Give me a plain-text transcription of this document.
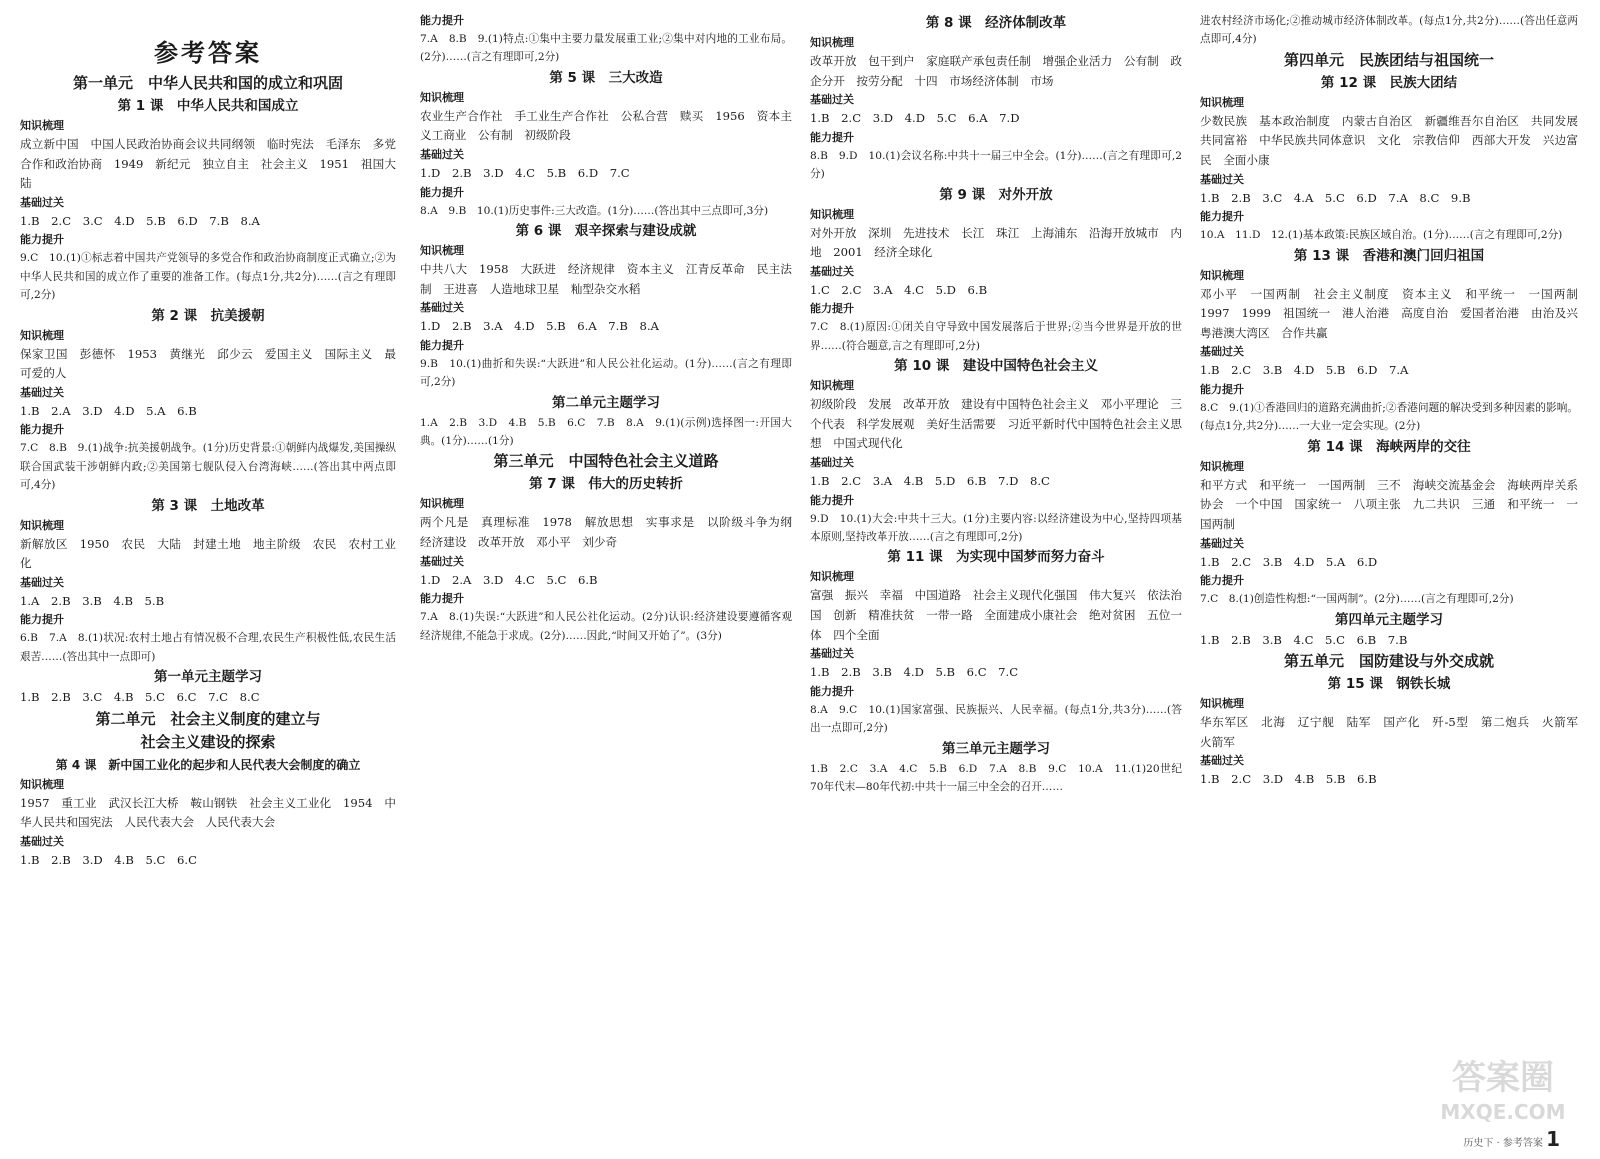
参考答案
第一单元　中华人民共和国的成立和巩固
第 1 课　中华人民共和国成立
知识梳理
成立新中国　中国人民政治协商会议共同纲领　临时宪法　毛泽东　多党合作和政治协商　1949　新纪元　独立自主　社会主义　1951　祖国大陆
基础过关
1.B　2.C　3.C　4.D　5.B　6.D　7.B　8.A
能力提升
9.C　10.(1)①标志着中国共产党领导的多党合作和政治协商制度正式确立;②为中华人民共和国的成立作了重要的准备工作。(每点1分,共2分)……(言之有理即可,2分)
第 2 课　抗美援朝
知识梳理
保家卫国　彭德怀　1953　黄继光　邱少云　爱国主义　国际主义　最可爱的人
基础过关
1.B　2.A　3.D　4.D　5.A　6.B
能力提升
7.C　8.B　9.(1)战争:抗美援朝战争。(1分)历史背景:①朝鲜内战爆发,美国操纵联合国武装干涉朝鲜内政;②美国第七舰队侵入台湾海峡……(答出其中两点即可,4分)
第 3 课　土地改革
知识梳理
新解放区　1950　农民　大陆　封建土地　地主阶级　农民　农村工业化
基础过关
1.A　2.B　3.B　4.B　5.B
能力提升
6.B　7.A　8.(1)状况:农村土地占有情况极不合理,农民生产积极性低,农民生活艰苦……(答出其中一点即可)
第一单元主题学习
1.B　2.B　3.C　4.B　5.C　6.C　7.C　8.C
第二单元　社会主义制度的建立与
社会主义建设的探索
第 4 课　新中国工业化的起步和人民代表大会制度的确立
知识梳理
1957　重工业　武汉长江大桥　鞍山钢铁　社会主义工业化　1954　中华人民共和国宪法　人民代表大会　人民代表大会
基础过关
1.B　2.B　3.D　4.B　5.C　6.C
能力提升
7.A　8.B　9.(1)特点:①集中主要力量发展重工业;②集中对内地的工业布局。(2分)……(言之有理即可,2分)
第 5 课　三大改造
知识梳理
农业生产合作社　手工业生产合作社　公私合营　赎买　1956　资本主义工商业　公有制　初级阶段
基础过关
1.D　2.B　3.D　4.C　5.B　6.D　7.C
能力提升
8.A　9.B　10.(1)历史事件:三大改造。(1分)……(答出其中三点即可,3分)
第 6 课　艰辛探索与建设成就
知识梳理
中共八大　1958　大跃进　经济规律　资本主义　江青反革命　民主法制　王进喜　人造地球卫星　籼型杂交水稻
基础过关
1.D　2.B　3.A　4.D　5.B　6.A　7.B　8.A
能力提升
9.B　10.(1)曲折和失误:“大跃进”和人民公社化运动。(1分)……(言之有理即可,2分)
第二单元主题学习
1.A　2.B　3.D　4.B　5.B　6.C　7.B　8.A　9.(1)(示例)选择图一:开国大典。(1分)……(1分)
第三单元　中国特色社会主义道路
第 7 课　伟大的历史转折
知识梳理
两个凡是　真理标准　1978　解放思想　实事求是　以阶级斗争为纲　经济建设　改革开放　邓小平　刘少奇
基础过关
1.D　2.A　3.D　4.C　5.C　6.B
能力提升
7.A　8.(1)失误:“大跃进”和人民公社化运动。(2分)认识:经济建设要遵循客观经济规律,不能急于求成。(2分)……因此,“时间又开始了”。(3分)
第 8 课　经济体制改革
知识梳理
改革开放　包干到户　家庭联产承包责任制　增强企业活力　公有制　政企分开　按劳分配　十四　市场经济体制　市场
基础过关
1.B　2.C　3.D　4.D　5.C　6.A　7.D
能力提升
8.B　9.D　10.(1)会议名称:中共十一届三中全会。(1分)……(言之有理即可,2分)
第 9 课　对外开放
知识梳理
对外开放　深圳　先进技术　长江　珠江　上海浦东　沿海开放城市　内地　2001　经济全球化
基础过关
1.C　2.C　3.A　4.C　5.D　6.B
能力提升
7.C　8.(1)原因:①闭关自守导致中国发展落后于世界;②当今世界是开放的世界……(符合题意,言之有理即可,2分)
第 10 课　建设中国特色社会主义
知识梳理
初级阶段　发展　改革开放　建设有中国特色社会主义　邓小平理论　三个代表　科学发展观　美好生活需要　习近平新时代中国特色社会主义思想　中国式现代化
基础过关
1.B　2.C　3.A　4.B　5.D　6.B　7.D　8.C
能力提升
9.D　10.(1)大会:中共十三大。(1分)主要内容:以经济建设为中心,坚持四项基本原则,坚持改革开放……(言之有理即可,2分)
第 11 课　为实现中国梦而努力奋斗
知识梳理
富强　振兴　幸福　中国道路　社会主义现代化强国　伟大复兴　依法治国　创新　精准扶贫　一带一路　全面建成小康社会　绝对贫困　五位一体　四个全面
基础过关
1.B　2.B　3.B　4.D　5.B　6.C　7.C
能力提升
8.A　9.C　10.(1)国家富强、民族振兴、人民幸福。(每点1分,共3分)……(答出一点即可,2分)
第三单元主题学习
1.B　2.C　3.A　4.C　5.B　6.D　7.A　8.B　9.C　10.A　11.(1)20世纪70年代末—80年代初:中共十一届三中全会的召开……
进农村经济市场化;②推动城市经济体制改革。(每点1分,共2分)……(答出任意两点即可,4分)
第四单元　民族团结与祖国统一
第 12 课　民族大团结
知识梳理
少数民族　基本政治制度　内蒙古自治区　新疆维吾尔自治区　共同发展　共同富裕　中华民族共同体意识　文化　宗教信仰　西部大开发　兴边富民　全面小康
基础过关
1.B　2.B　3.C　4.A　5.C　6.D　7.A　8.C　9.B
能力提升
10.A　11.D　12.(1)基本政策:民族区域自治。(1分)……(言之有理即可,2分)
第 13 课　香港和澳门回归祖国
知识梳理
邓小平　一国两制　社会主义制度　资本主义　和平统一　一国两制　1997　1999　祖国统一　港人治港　高度自治　爱国者治港　由治及兴　粤港澳大湾区　合作共赢
基础过关
1.B　2.C　3.B　4.D　5.B　6.D　7.A
能力提升
8.C　9.(1)①香港回归的道路充满曲折;②香港问题的解决受到多种因素的影响。(每点1分,共2分)……一大业一定会实现。(2分)
第 14 课　海峡两岸的交往
知识梳理
和平方式　和平统一　一国两制　三不　海峡交流基金会　海峡两岸关系协会　一个中国　国家统一　八项主张　九二共识　三通　和平统一　一国两制
基础过关
1.B　2.C　3.B　4.D　5.A　6.D
能力提升
7.C　8.(1)创造性构想:“一国两制”。(2分)……(言之有理即可,2分)
第四单元主题学习
1.B　2.B　3.B　4.C　5.C　6.B　7.B
第五单元　国防建设与外交成就
第 15 课　钢铁长城
知识梳理
华东军区　北海　辽宁舰　陆军　国产化　歼-5型　第二炮兵　火箭军　火箭军
基础过关
1.B　2.C　3.D　4.B　5.B　6.B
答案圈
MXQE.COM
历史下 · 参考答案 1
